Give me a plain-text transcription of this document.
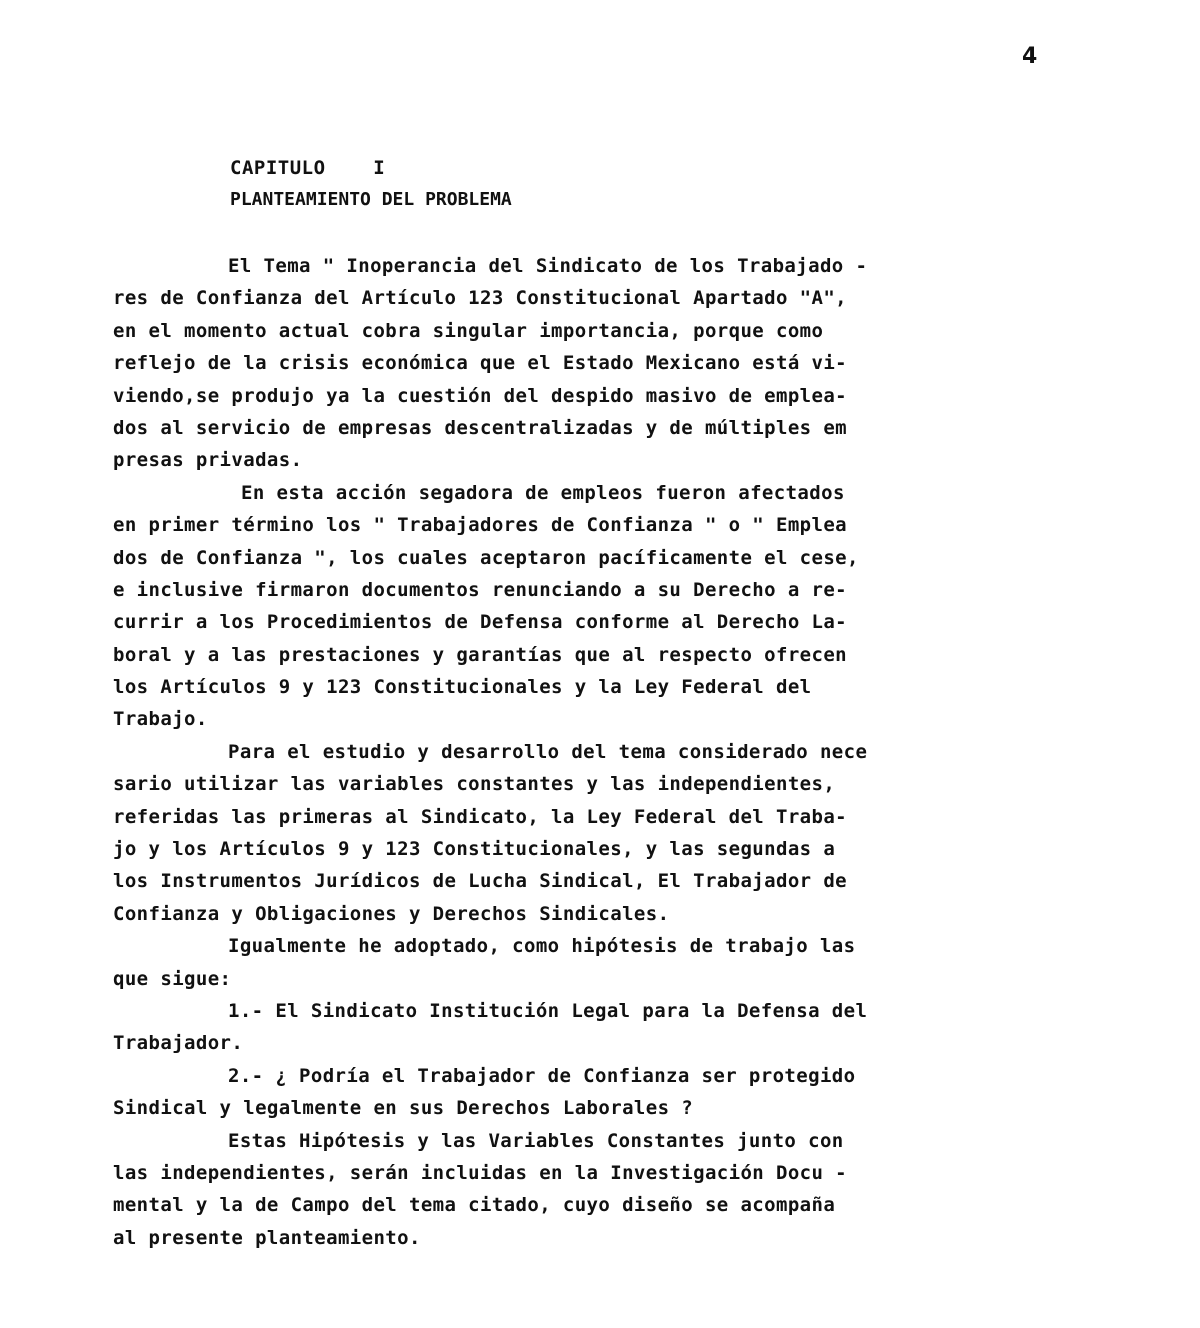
4
CAPITULO    I
PLANTEAMIENTO DEL PROBLEMA
El Tema " Inoperancia del Sindicato de los Trabajado -
res de Confianza del Artículo 123 Constitucional Apartado "A",
en el momento actual cobra singular importancia, porque como
reflejo de la crisis económica que el Estado Mexicano está vi-
viendo,se produjo ya la cuestión del despido masivo de emplea-
dos al servicio de empresas descentralizadas y de múltiples em
presas privadas.
En esta acción segadora de empleos fueron afectados
en primer término los " Trabajadores de Confianza " o " Emplea
dos de Confianza ", los cuales aceptaron pacíficamente el cese,
e inclusive firmaron documentos renunciando a su Derecho a re-
currir a los Procedimientos de Defensa conforme al Derecho La-
boral y a las prestaciones y garantías que al respecto ofrecen
los Artículos 9 y 123 Constitucionales y la Ley Federal del
Trabajo.
Para el estudio y desarrollo del tema considerado nece
sario utilizar las variables constantes y las independientes,
referidas las primeras al Sindicato, la Ley Federal del Traba-
jo y los Artículos 9 y 123 Constitucionales, y las segundas a
los Instrumentos Jurídicos de Lucha Sindical, El Trabajador de
Confianza y Obligaciones y Derechos Sindicales.
Igualmente he adoptado, como hipótesis de trabajo las
que sigue:
1.- El Sindicato Institución Legal para la Defensa del
Trabajador.
2.- ¿ Podría el Trabajador de Confianza ser protegido
Sindical y legalmente en sus Derechos Laborales ?
Estas Hipótesis y las Variables Constantes junto con
las independientes, serán incluidas en la Investigación Docu -
mental y la de Campo del tema citado, cuyo diseño se acompaña
al presente planteamiento.
